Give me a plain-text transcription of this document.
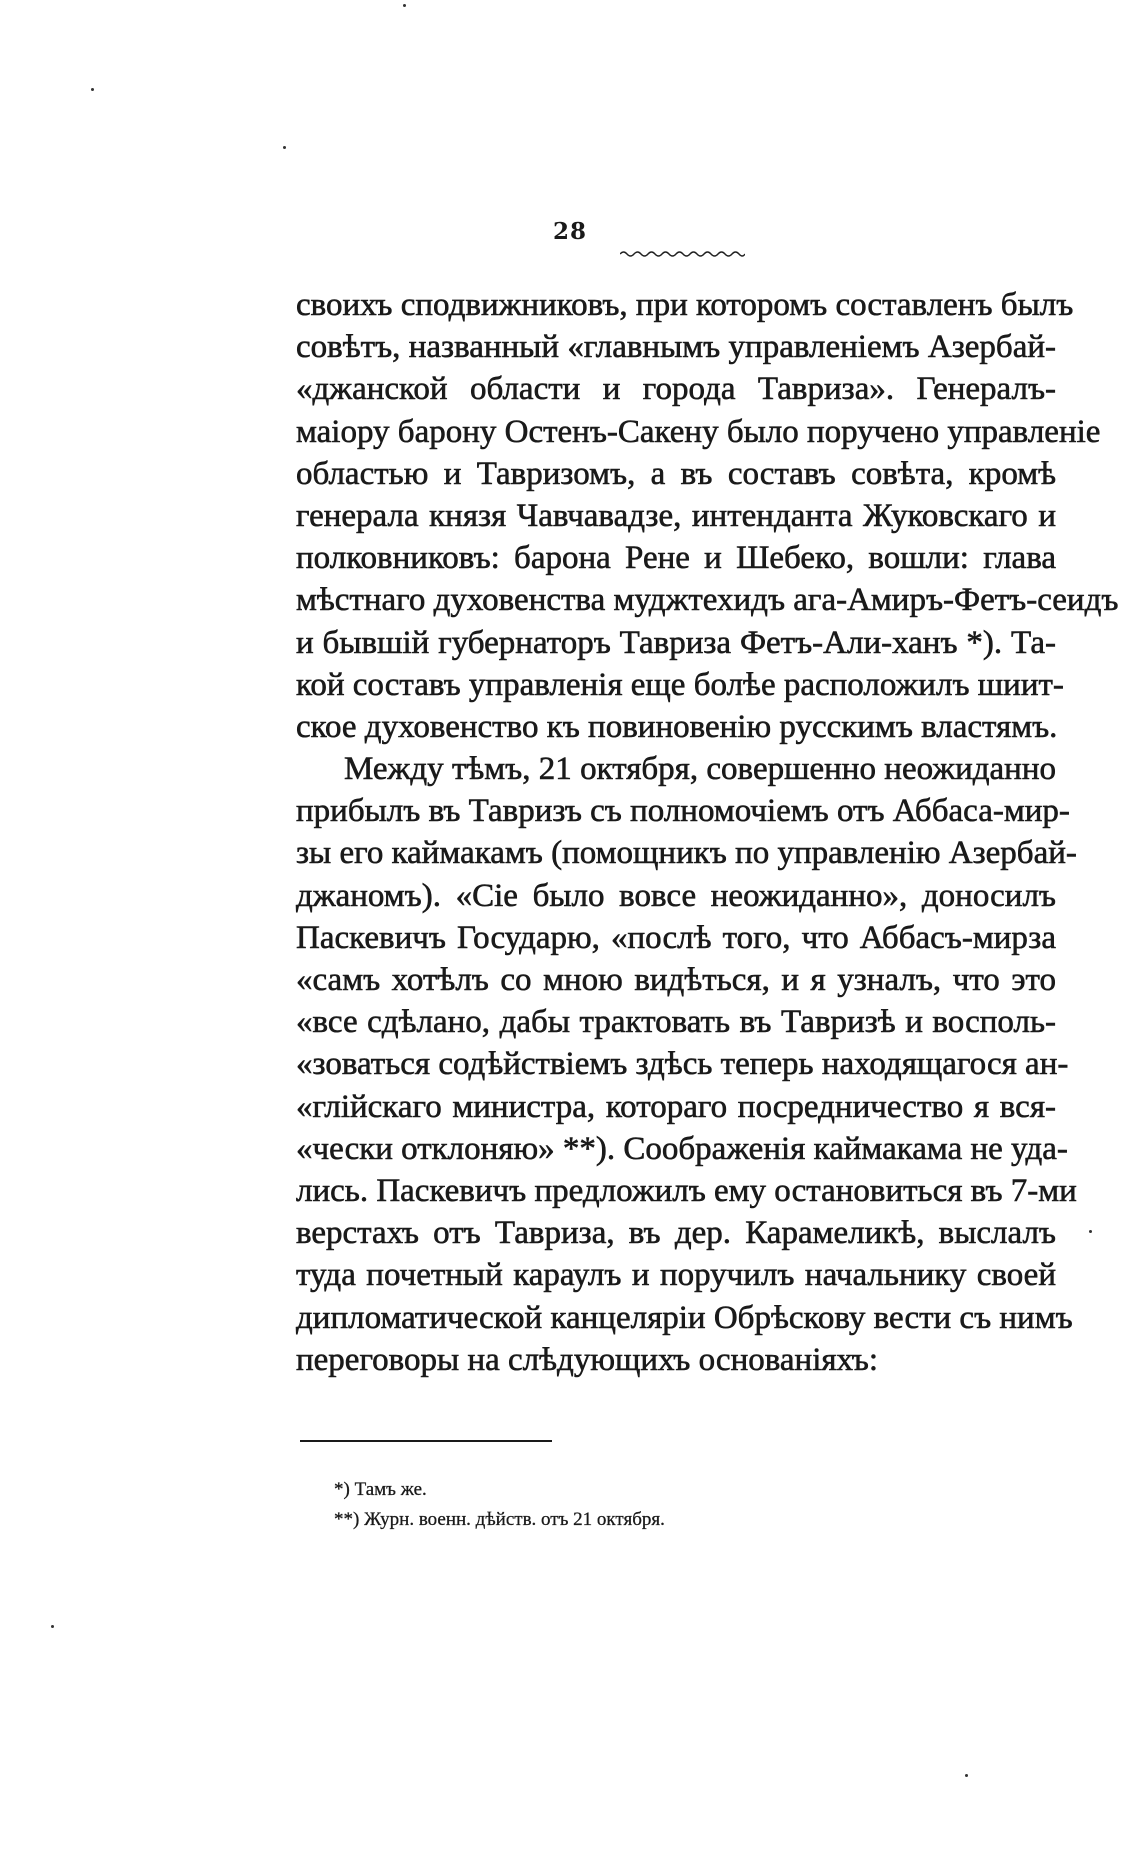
28
своихъ сподвижниковъ, при которомъ составленъ былъ
совѣтъ, названный «главнымъ управленіемъ Азербай-
«джанской области и города Тавриза». Генералъ-
маіору барону Остенъ-Сакену было поручено управленіе
областью и Тавризомъ, а въ составъ совѣта, кромѣ
генерала князя Чавчавадзе, интенданта Жуковскаго и
полковниковъ: барона Рене и Шебеко, вошли: глава
мѣстнаго духовенства муджтехидъ ага-Амиръ-Фетъ-сеидъ
и бывшій губернаторъ Тавриза Фетъ-Али-ханъ *). Та-
кой составъ управленія еще болѣе расположилъ шиит-
ское духовенство къ повиновенію русскимъ властямъ.
Между тѣмъ, 21 октября, совершенно неожиданно
прибылъ въ Тавризъ съ полномочіемъ отъ Аббаса-мир-
зы его каймакамъ (помощникъ по управленію Азербай-
джаномъ). «Сіе было вовсе неожиданно», доносилъ
Паскевичъ Государю, «послѣ того, что Аббасъ-мирза
«самъ хотѣлъ со мною видѣться, и я узналъ, что это
«все сдѣлано, дабы трактовать въ Тавризѣ и восполь-
«зоваться содѣйствіемъ здѣсь теперь находящагося ан-
«глійскаго министра, котораго посредничество я вся-
«чески отклоняю» **). Соображенія каймакама не уда-
лись. Паскевичъ предложилъ ему остановиться въ 7-ми
верстахъ отъ Тавриза, въ дер. Карамеликѣ, выслалъ
туда почетный караулъ и поручилъ начальнику своей
дипломатической канцеляріи Обрѣскову вести съ нимъ
переговоры на слѣдующихъ основаніяхъ:
*) Тамъ же.
**) Журн. военн. дѣйств. отъ 21 октября.
